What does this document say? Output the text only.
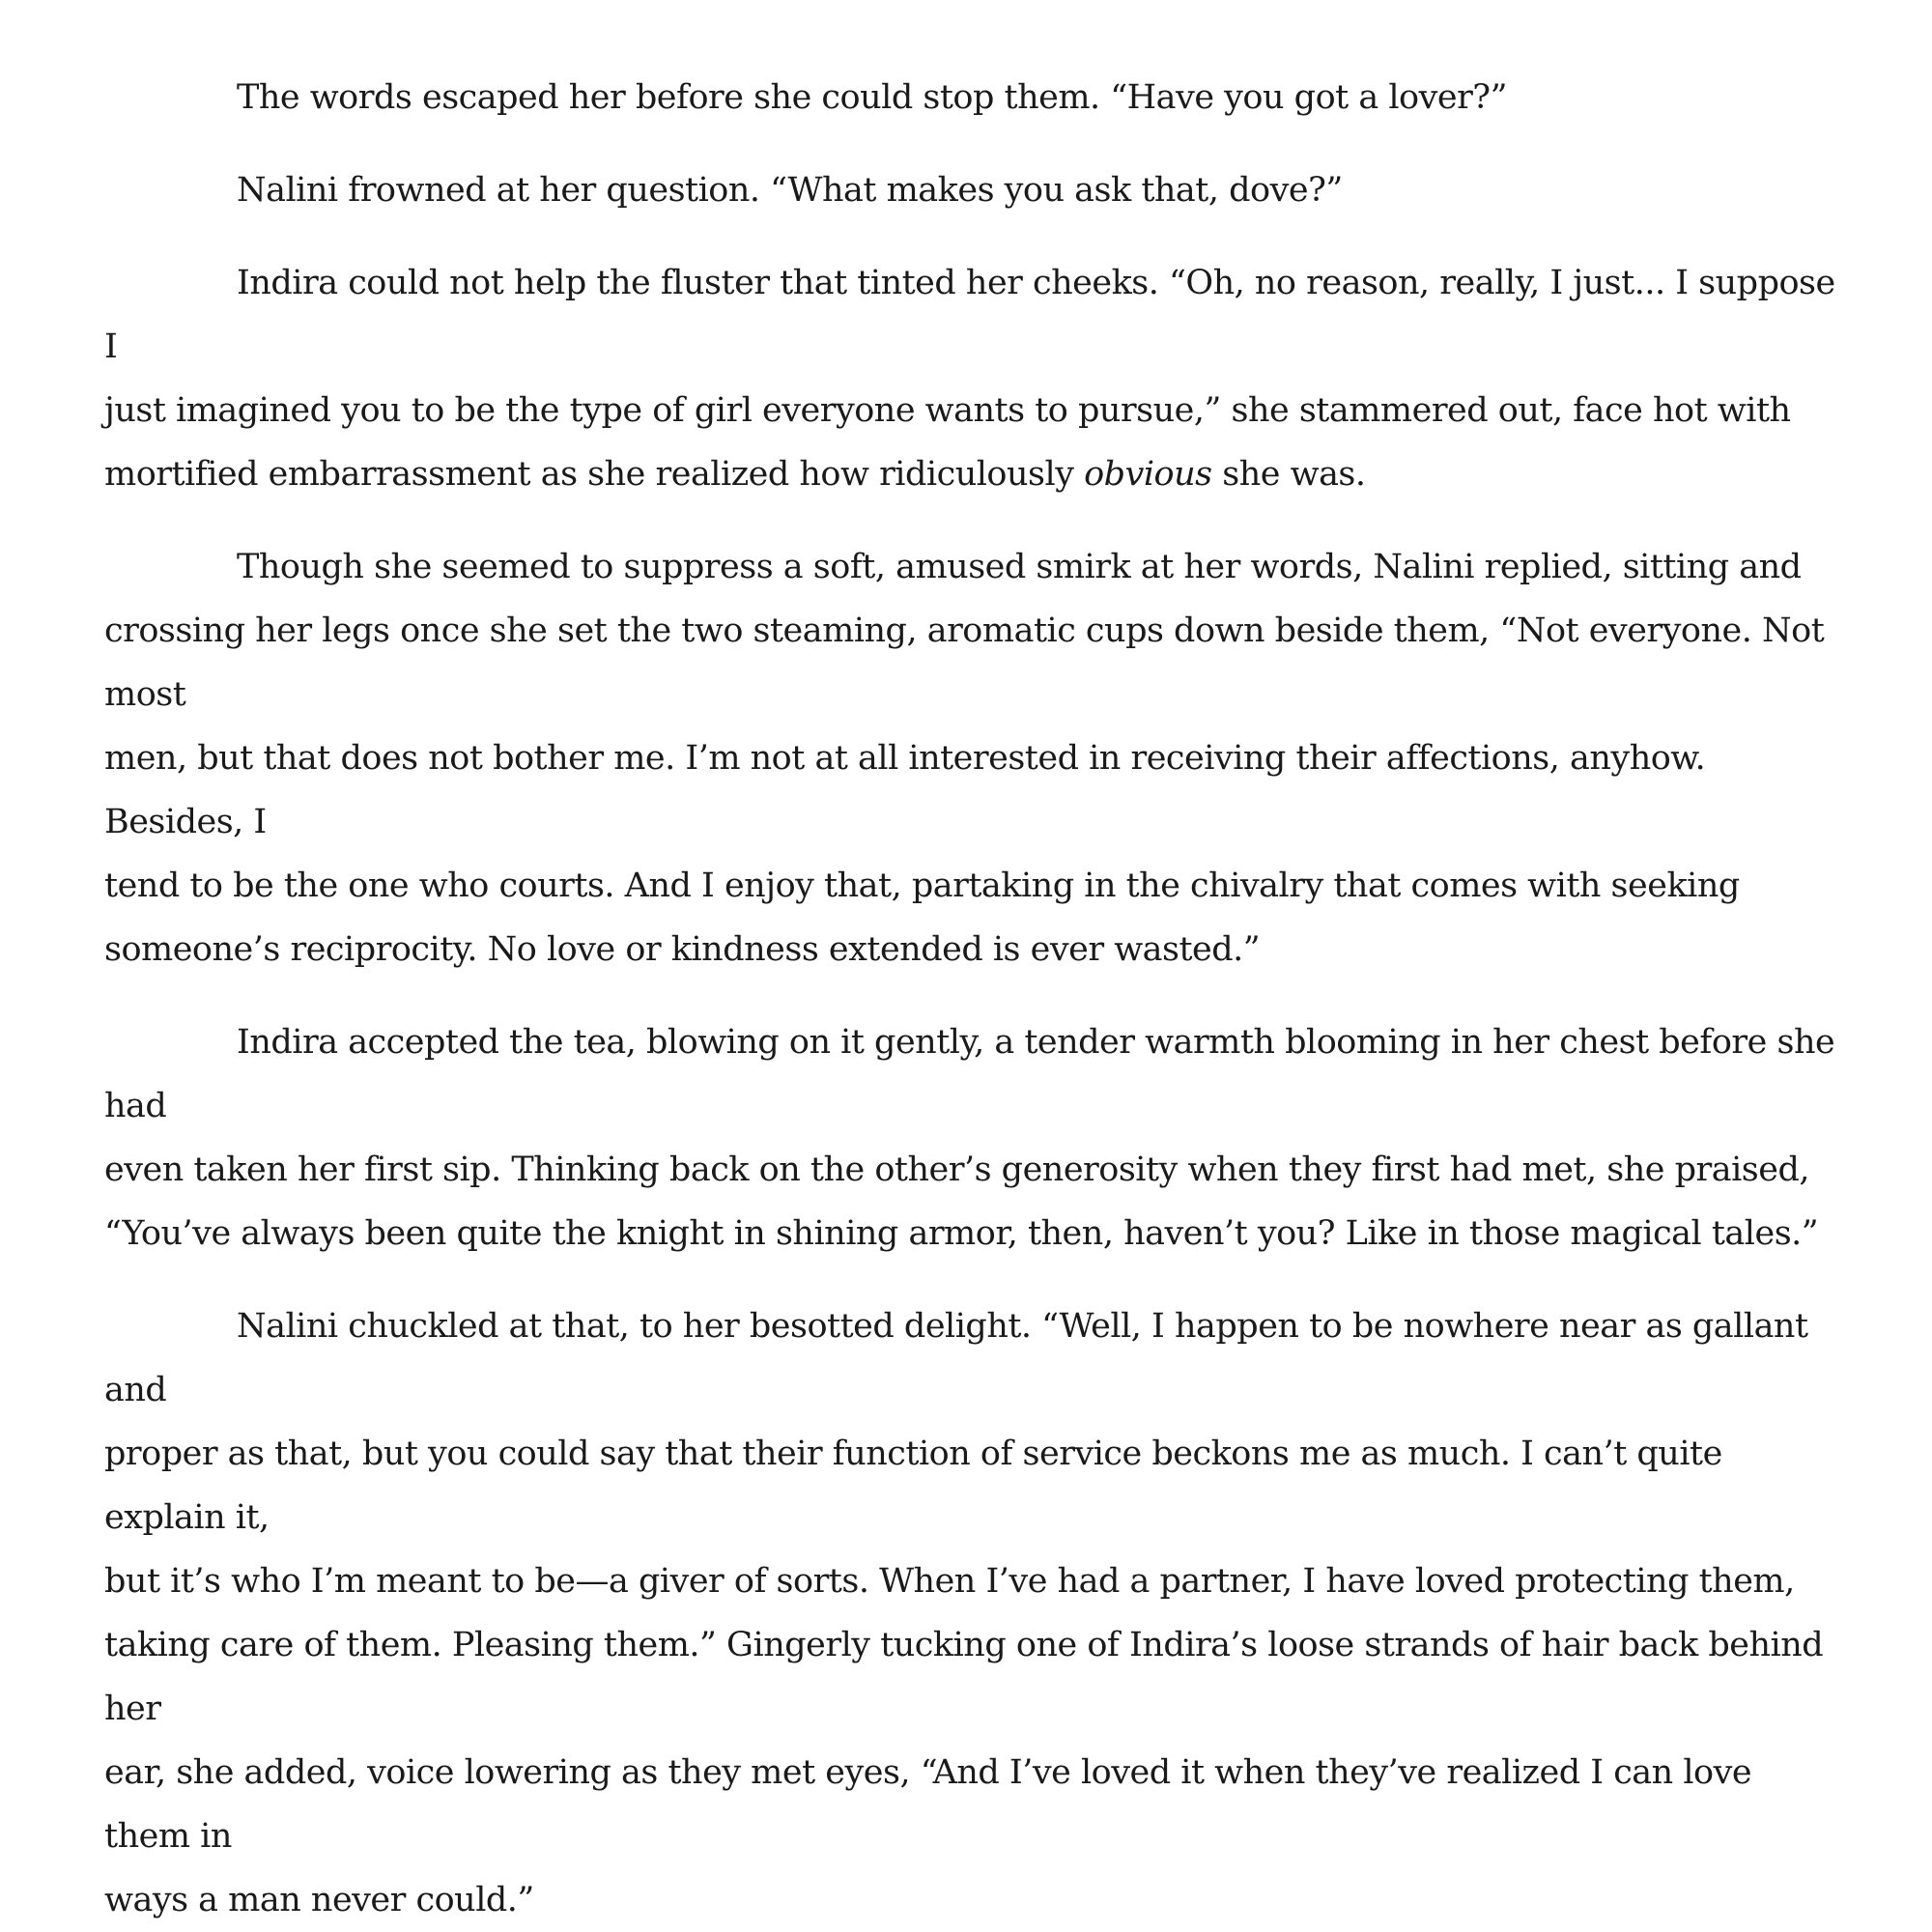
The words escaped her before she could stop them. “Have you got a lover?”

Nalini frowned at her question. “What makes you ask that, dove?”

Indira could not help the fluster that tinted her cheeks. “Oh, no reason, really, I just... I suppose I
just imagined you to be the type of girl everyone wants to pursue,” she stammered out, face hot with
mortified embarrassment as she realized how ridiculously obvious she was.

Though she seemed to suppress a soft, amused smirk at her words, Nalini replied, sitting and
crossing her legs once she set the two steaming, aromatic cups down beside them, “Not everyone. Not most
men, but that does not bother me. I’m not at all interested in receiving their affections, anyhow. Besides, I
tend to be the one who courts. And I enjoy that, partaking in the chivalry that comes with seeking
someone’s reciprocity. No love or kindness extended is ever wasted.”

Indira accepted the tea, blowing on it gently, a tender warmth blooming in her chest before she had
even taken her first sip. Thinking back on the other’s generosity when they first had met, she praised,
“You’ve always been quite the knight in shining armor, then, haven’t you? Like in those magical tales.”

Nalini chuckled at that, to her besotted delight. “Well, I happen to be nowhere near as gallant and
proper as that, but you could say that their function of service beckons me as much. I can’t quite explain it,
but it’s who I’m meant to be—a giver of sorts. When I’ve had a partner, I have loved protecting them,
taking care of them. Pleasing them.” Gingerly tucking one of Indira’s loose strands of hair back behind her
ear, she added, voice lowering as they met eyes, “And I’ve loved it when they’ve realized I can love them in
ways a man never could.”
